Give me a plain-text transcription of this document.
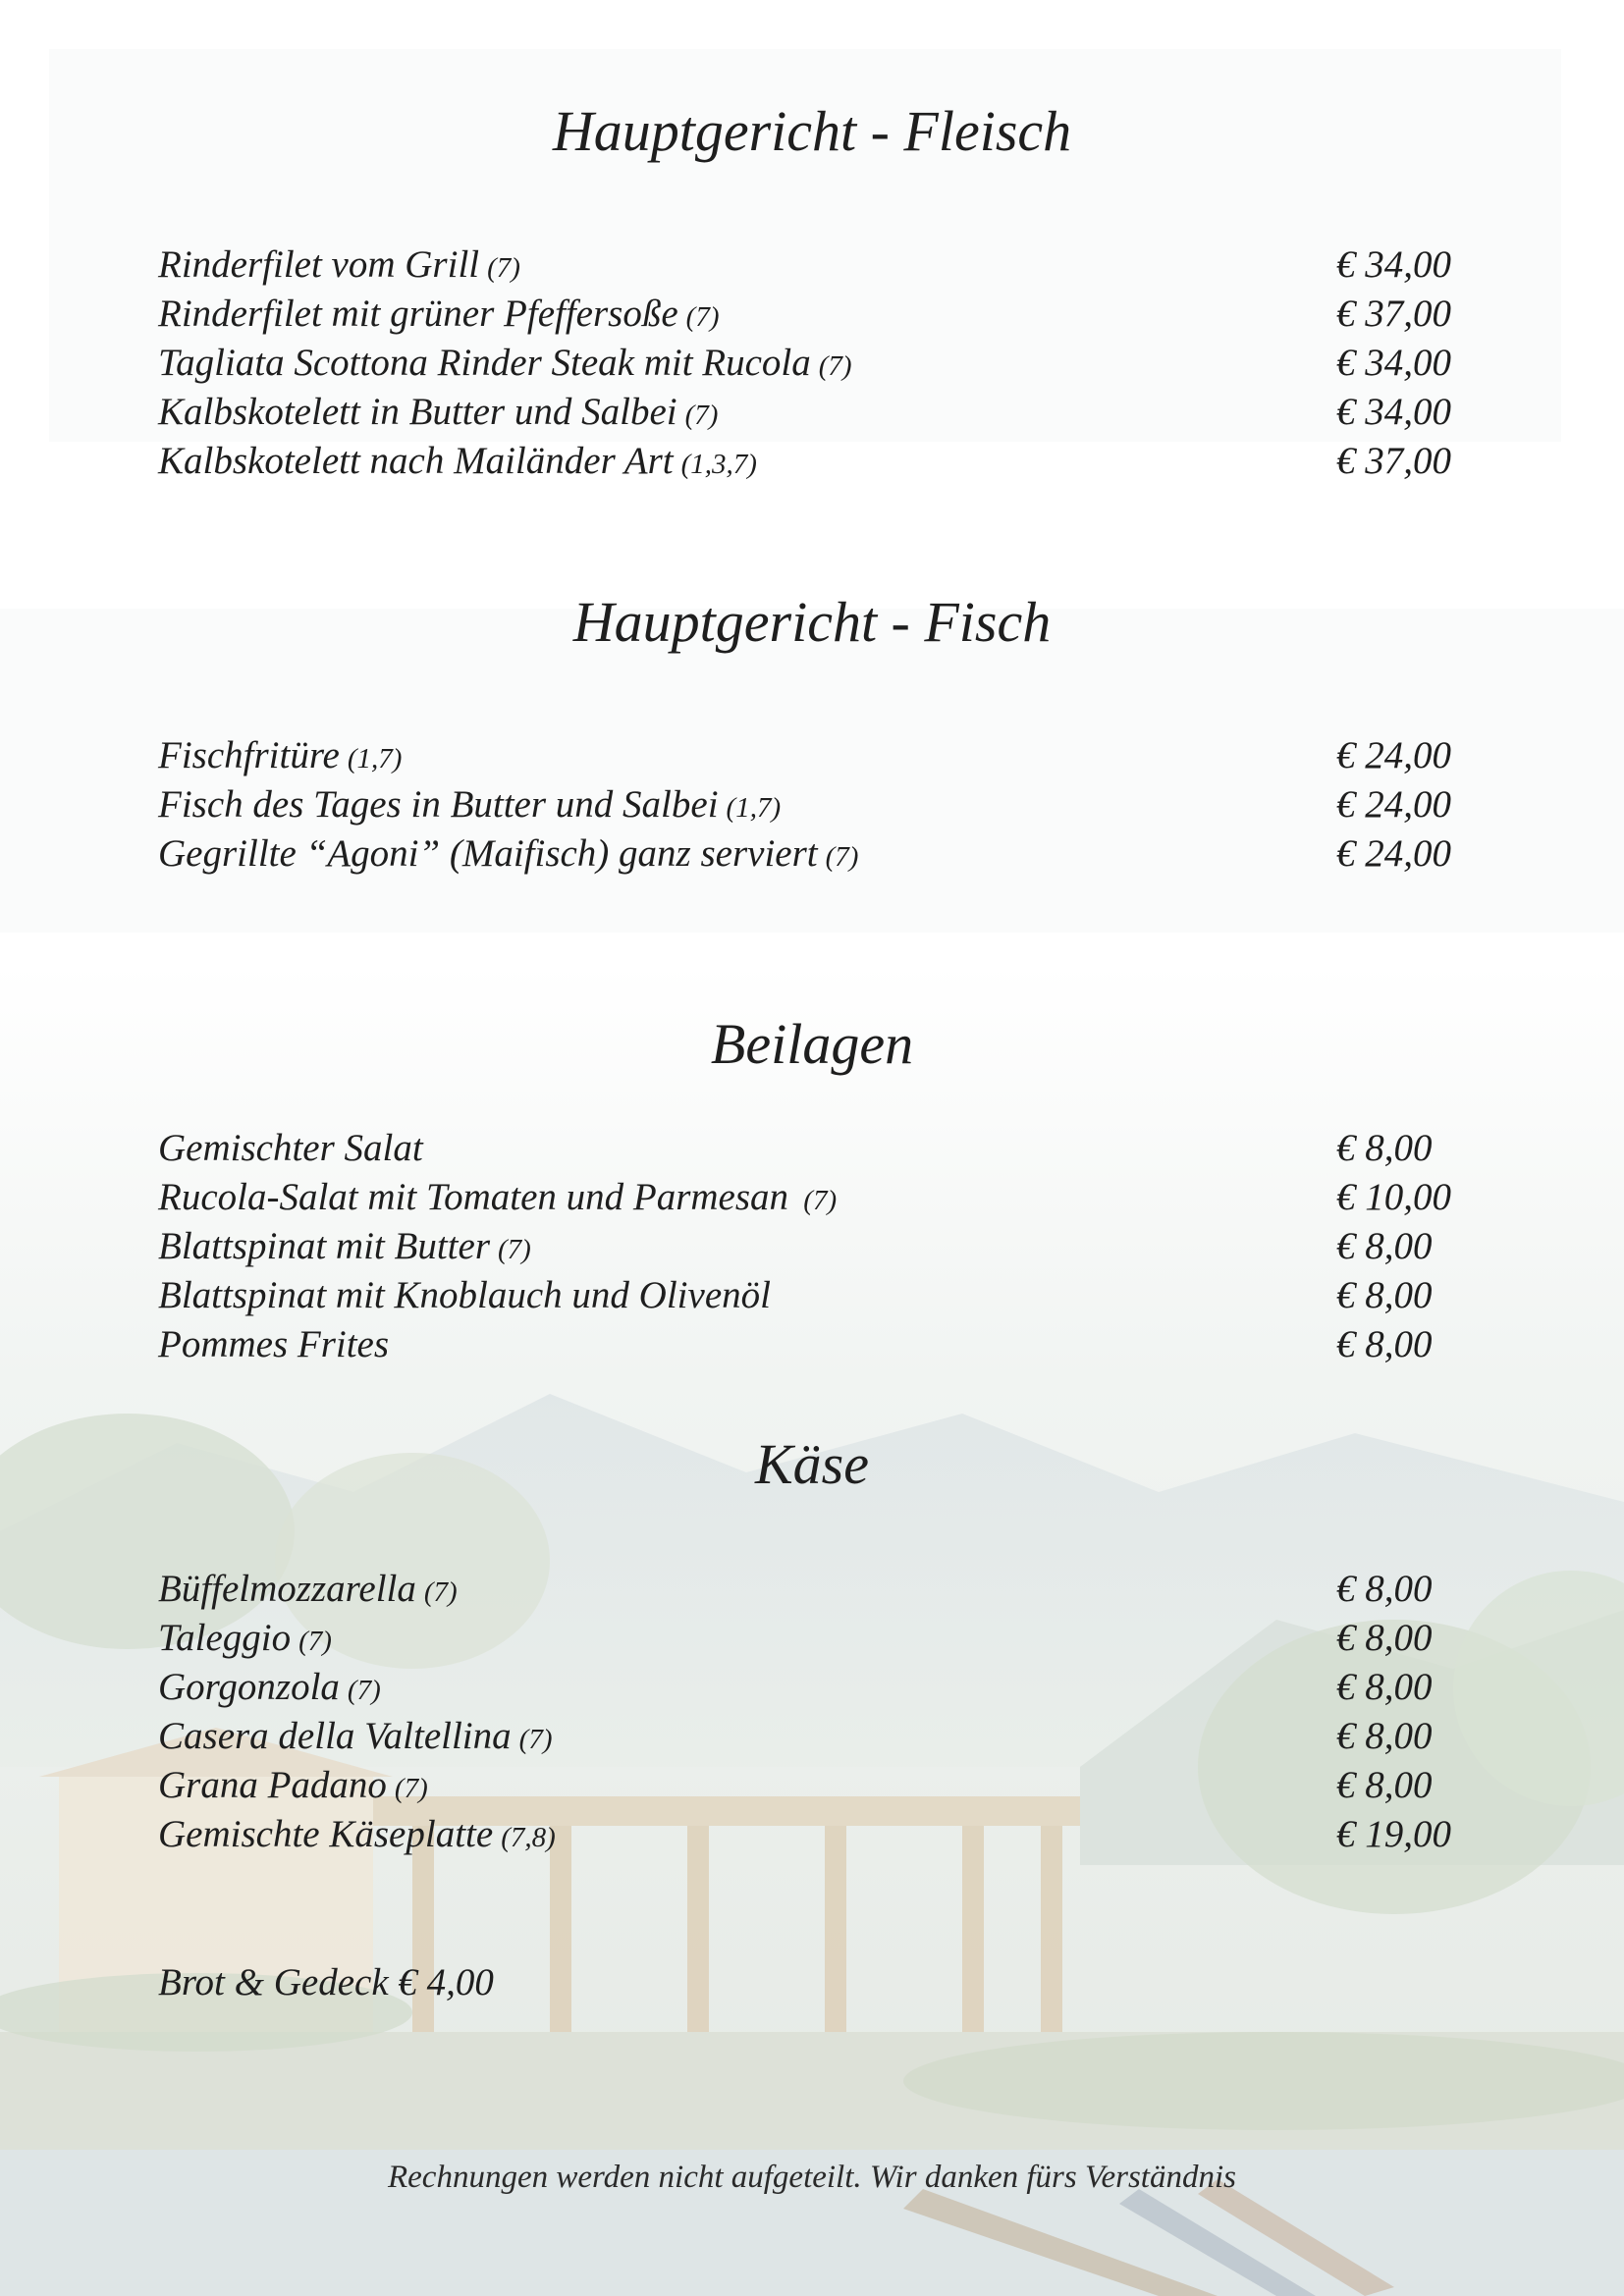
Hauptgericht - Fleisch
Rinderfilet vom Grill (7)	€ 34,00
Rinderfilet mit grüner Pfeffersoße (7)	€ 37,00
Tagliata Scottona Rinder Steak mit Rucola (7)	€ 34,00
Kalbskotelett in Butter und Salbei (7)	€ 34,00
Kalbskotelett nach Mailänder Art (1,3,7)	€ 37,00
Hauptgericht - Fisch
Fischfritüre (1,7)	€ 24,00
Fisch des Tages in Butter und Salbei (1,7)	€ 24,00
Gegrillte “Agoni” (Maifisch) ganz serviert (7)	€ 24,00
Beilagen
Gemischter Salat	€ 8,00
Rucola-Salat mit Tomaten und Parmesan (7)	€ 10,00
Blattspinat mit Butter (7)	€ 8,00
Blattspinat mit Knoblauch und Olivenöl	€ 8,00
Pommes Frites	€ 8,00
Käse
Büffelmozzarella (7)	€ 8,00
Taleggio (7)	€ 8,00
Gorgonzola (7)	€ 8,00
Casera della Valtellina (7)	€ 8,00
Grana Padano (7)	€ 8,00
Gemischte Käseplatte (7,8)	€ 19,00
Brot & Gedeck € 4,00
Rechnungen werden nicht aufgeteilt. Wir danken fürs Verständnis
